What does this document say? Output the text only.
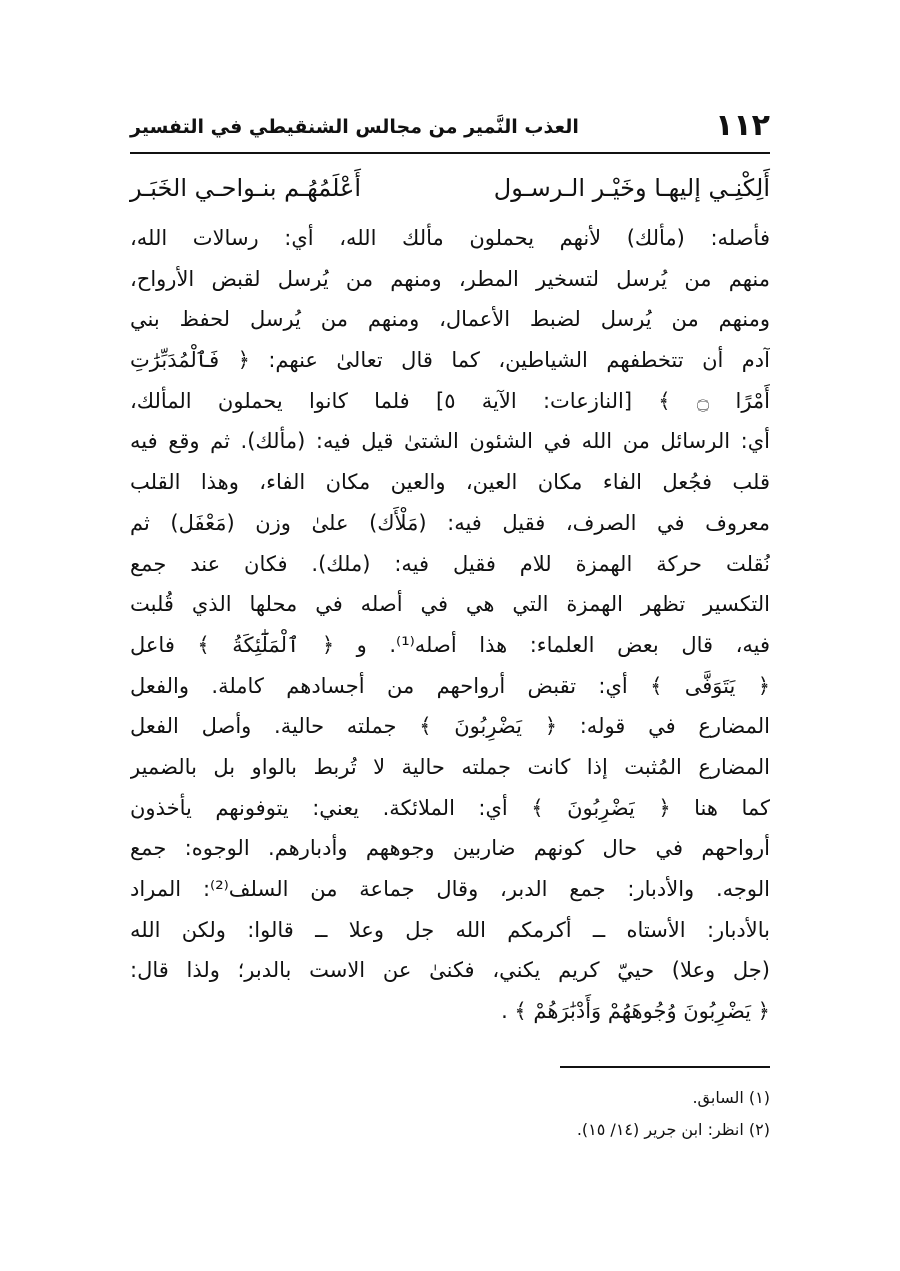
١١٢
العذب النَّمير من مجالس الشنقيطي في التفسير
أَلِكْنِـي إليهـا وخَيْـر الـرسـول
أَعْلَمُهُـم بنـواحـي الخَبَـر
فأصله: (مألك) لأنهم يحملون مألك الله، أي: رسالات الله،
منهم من يُرسل لتسخير المطر، ومنهم من يُرسل لقبض الأرواح،
ومنهم من يُرسل لضبط الأعمال، ومنهم من يُرسل لحفظ بني
آدم أن تتخطفهم الشياطين، كما قال تعالىٰ عنهم: ﴿ فَٱلْمُدَبِّرَٰتِ
أَمْرًا ۝ ﴾ [النازعات: الآية ٥] فلما كانوا يحملون المألك،
أي: الرسائل من الله في الشئون الشتىٰ قيل فيه: (مألك). ثم وقع فيه
قلب فجُعل الفاء مكان العين، والعين مكان الفاء، وهذا القلب
معروف في الصرف، فقيل فيه: (مَلْأَك) علىٰ وزن (مَعْفَل) ثم
نُقلت حركة الهمزة للام فقيل فيه: (ملك). فكان عند جمع
التكسير تظهر الهمزة التي هي في أصله في محلها الذي قُلبت
فيه، قال بعض العلماء: هذا أصله⁽¹⁾. و ﴿ ٱلْمَلَٰٓئِكَةُ ﴾ فاعل
﴿ يَتَوَفَّى ﴾ أي: تقبض أرواحهم من أجسادهم كاملة. والفعل
المضارع في قوله: ﴿ يَضْرِبُونَ ﴾ جملته حالية. وأصل الفعل
المضارع المُثبت إذا كانت جملته حالية لا تُربط بالواو بل بالضمير
كما هنا ﴿ يَضْرِبُونَ ﴾ أي: الملائكة. يعني: يتوفونهم يأخذون
أرواحهم في حال كونهم ضاربين وجوههم وأدبارهم. الوجوه: جمع
الوجه. والأدبار: جمع الدبر، وقال جماعة من السلف⁽²⁾: المراد
بالأدبار: الأستاه ــ أكرمكم الله جل وعلا ــ قالوا: ولكن الله
(جل وعلا) حييّ كريم يكني، فكنىٰ عن الاست بالدبر؛ ولذا قال:
﴿ يَضْرِبُونَ وُجُوهَهُمْ وَأَدْبَٰرَهُمْ ﴾ .
(١) السابق.
(٢) انظر: ابن جرير (١٤/ ١٥).
